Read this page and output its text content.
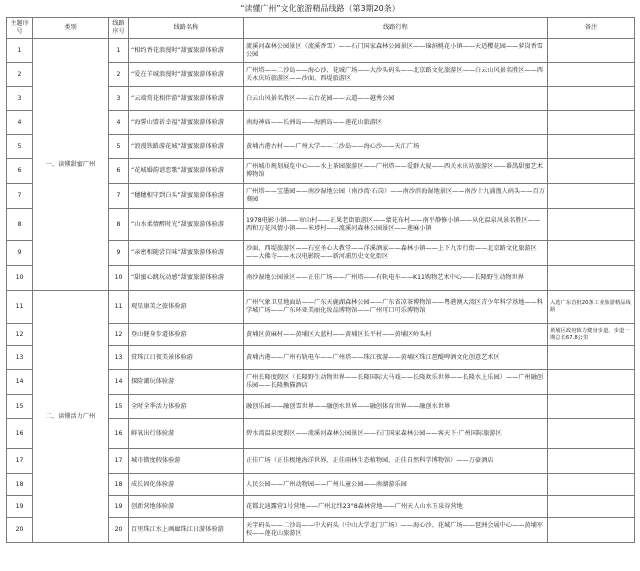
“读懂广州”文化旅游精品线路（第3期20条）
主题序号	类别	线路序号	线路名称	线路行程	备注
1	一、读懂甜蜜广州	1	“相约香花浪漫时”甜蜜旅游体验游	流溪河森林公园景区（流溪香雪）——石门国家森林公园景区——锦洞桃花小镇——天适樱花园——萝岗香雪公园	
2		2	“爱在羊城浪漫时”甜蜜旅游体验游	广州塔——二沙岛——海心沙、花城广场——大沙头码头——北京路文化旅游区——白云山风景名胜区——西关永庆坊旅游区——沙面、西堤旅游区	
3		3	“云端赏花相伴游”甜蜜旅游体验游	白云山风景名胜区——云台花园——云道——越秀公园	
4		4	“海誓山盟祈幸福”甜蜜旅游体验游	南海神庙——长洲岛——海鸥岛——莲花山旅游区	
5		5	“浪漫铁路游花城”甜蜜旅游体验游	黄埔古港古村——广州大学——二沙岛——海心沙——天汇广场	
6		6	“花城婚韵谱恋歌”甜蜜旅游体验游	广州城市规划展览中心——水上茶园旅游区——广州塔——爱群大厦——西关永庆坊旅游区——番禺甜蜜艺术博物馆	
7		7	“穗穗相守到白头”甜蜜旅游体验游	广州塔——宝墨园——南沙湿地公园（南沙湾·石岗）——南沙滨海湿地景区——南沙十九涌渔人码头——百万葵园	
8		8	“山水柔情醉时光”甜蜜旅游体验游	1978电影小镇——帘山村——正果老街旅游区——蒙花布村——南平静修小镇——从化温泉风景名胜区——西和万花风情小镇——米埗村——流溪河森林公园景区——莲麻小镇	
9		9	“亲密相随尝百味”甜蜜旅游体验游	沙面、西堤旅游区——石室圣心大教堂——洋溪酒家——森林小镇——上下九步行街——北京路文化旅游区——大佛寺——永汉电影院——新河浦历史文化街区	
10		10	“甜蜜心跳玩动感”甜蜜旅游体验游	南沙湿地公园景区——正佳广场——广州塔——有轨电车——K11购物艺术中心——长隆野生动物世界	
11	二、读懂活力广州	11	观星康美之旅体验游	广州气象卫星地面站——广东天鹿湖森林公园——广东省凉茶博物馆——粤港澳大湾区青少年科学基地——科学城广场——广东环亚美丽化妆品博物馆——广州可口可乐博物馆	入选广东首批20条工业旅游精品线路
12		12	登山健身步道体验游	黄埔区黄麻村——黄埔区大蓝村——黄埔区长平村——黄埔区岭头村	黄埔区政府致力健身步道，步道一期总长67.8公里
13		13	赏珠江日夜美景体验游	黄埔古港——广州有轨电车——广州塔——珠江夜游——黄埔区珠江琶醍啤酒文化创意艺术区	
14		14	探险潮玩体验游	广州长隆度假区（长隆野生动物世界——长隆国际大马戏——长隆欢乐世界——长隆水上乐园）——广州融创乐园——长隆熊猫酒店	
15		15	全时全季活力体验游	融创乐园——融创雪世界——融创水世界——融创体育世界——融创水世界	
16		16	鲜氧出行体验游	碧水湾温泉度假区——流溪河森林公园景区——石门国家森林公园——客天下·广州国际旅游区	
17		17	城市微度假体验游	正佳广场（正佳极地海洋世界、正佳雨林生态植物园、正佳自然科学博物馆）——万豪酒店	
18		18	成长固化体验游	人民公园——广州动物园——广州儿童公园——南湖游乐园	
19		19	创新营地体验游	花都北迪露营1号营地——广州北纬23°8森林营地——广州天人山水玉泉谷营地	
20		20	百里珠江水上画廊珠江日游体验游	天字码头——二沙岛——中大码头（中山大学北门广场）——海心沙、花城广场——琶洲会展中心——黄埔军校——莲花山旅游区	
